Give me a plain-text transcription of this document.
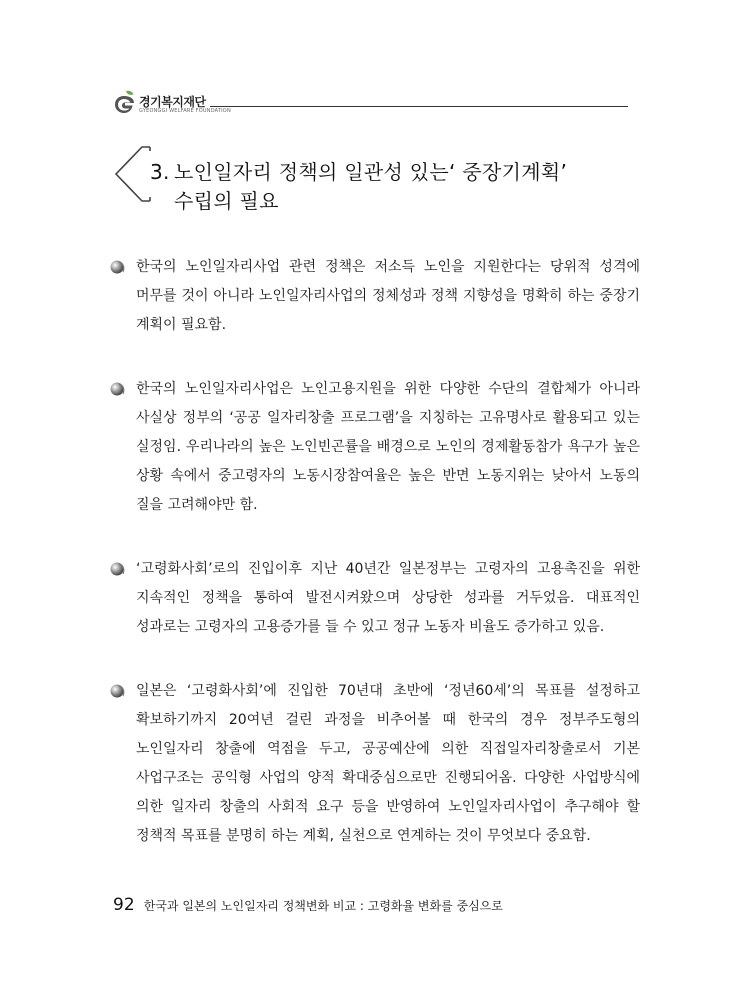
경기복지재단
GYEONGGI WELFARE FOUNDATION
3. 노인일자리 정책의 일관성 있는‘ 중장기계획’
수립의 필요
한국의 노인일자리사업 관련 정책은 저소득 노인을 지원한다는 당위적 성격에 머무를 것이 아니라 노인일자리사업의 정체성과 정책 지향성을 명확히 하는 중장기 계획이 필요함.
한국의 노인일자리사업은 노인고용지원을 위한 다양한 수단의 결합체가 아니라 사실상 정부의 ‘공공 일자리창출 프로그램’을 지칭하는 고유명사로 활용되고 있는 실정임. 우리나라의 높은 노인빈곤률을 배경으로 노인의 경제활동참가 욕구가 높은 상황 속에서 중고령자의 노동시장참여율은 높은 반면 노동지위는 낮아서 노동의 질을 고려해야만 함.
‘고령화사회’로의 진입이후 지난 40년간 일본정부는 고령자의 고용촉진을 위한 지속적인 정책을 통하여 발전시켜왔으며 상당한 성과를 거두었음. 대표적인 성과로는 고령자의 고용증가를 들 수 있고 정규 노동자 비율도 증가하고 있음.
일본은 ‘고령화사회’에 진입한 70년대 초반에 ‘정년60세’의 목표를 설정하고 확보하기까지 20여년 걸린 과정을 비추어볼 때 한국의 경우 정부주도형의 노인일자리 창출에 역점을 두고, 공공예산에 의한 직접일자리창출로서 기본 사업구조는 공익형 사업의 양적 확대중심으로만 진행되어옴. 다양한 사업방식에 의한 일자리 창출의 사회적 요구 등을 반영하여 노인일자리사업이 추구해야 할 정책적 목표를 분명히 하는 계획, 실천으로 연계하는 것이 무엇보다 중요함.
92 한국과 일본의 노인일자리 정책변화 비교 : 고령화율 변화를 중심으로
